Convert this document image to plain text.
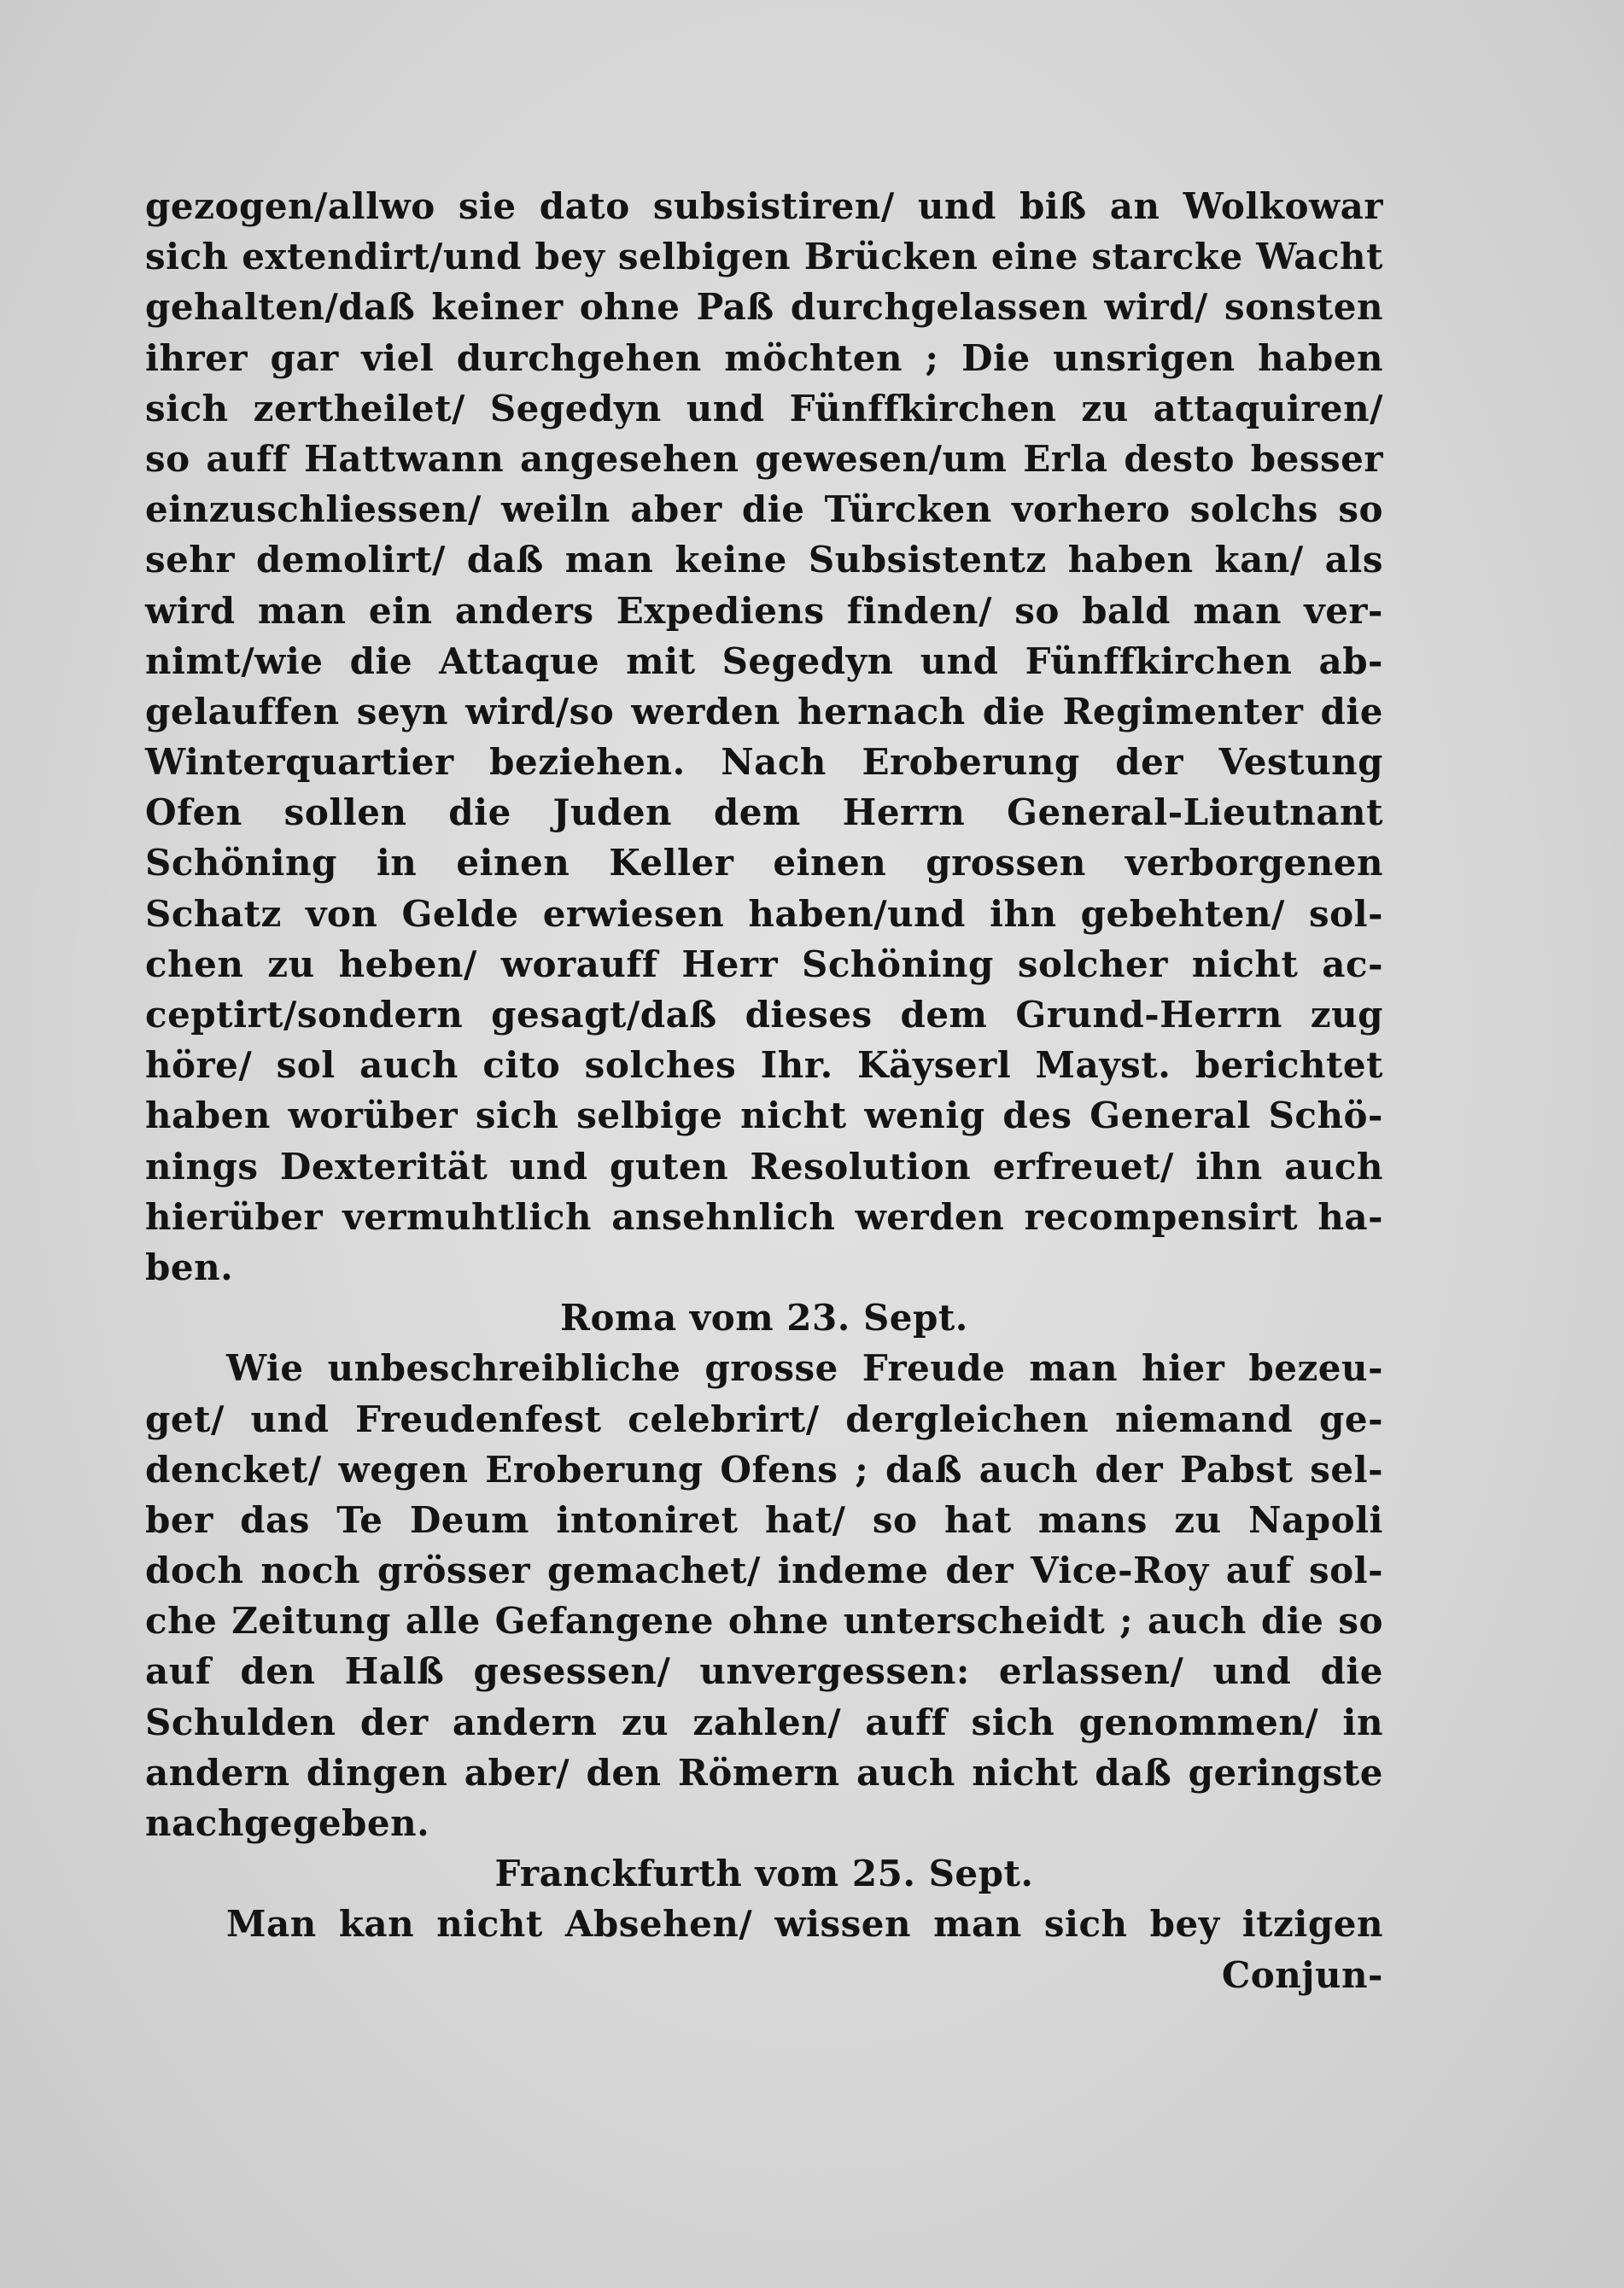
gezogen/allwo sie dato subsistiren/ und biß an Wolkowar
sich extendirt/und bey selbigen Brücken eine starcke Wacht
gehalten/daß keiner ohne Paß durchgelassen wird/ sonsten
ihrer gar viel durchgehen möchten ; Die unsrigen haben
sich zertheilet/ Segedyn und Fünffkirchen zu attaquiren/
so auff Hattwann angesehen gewesen/um Erla desto besser
einzuschliessen/ weiln aber die Türcken vorhero solchs so
sehr demolirt/ daß man keine Subsistentz haben kan/ als
wird man ein anders Expediens finden/ so bald man ver-
nimt/wie die Attaque mit Segedyn und Fünffkirchen ab-
gelauffen seyn wird/so werden hernach die Regimenter die
Winterquartier beziehen. Nach Eroberung der Vestung
Ofen sollen die Juden dem Herrn General-Lieutnant
Schöning in einen Keller einen grossen verborgenen
Schatz von Gelde erwiesen haben/und ihn gebehten/ sol-
chen zu heben/ worauff Herr Schöning solcher nicht ac-
ceptirt/sondern gesagt/daß dieses dem Grund-Herrn zug
höre/ sol auch cito solches Ihr. Käyserl Mayst. berichtet
haben worüber sich selbige nicht wenig des General Schö-
nings Dexterität und guten Resolution erfreuet/ ihn auch
hierüber vermuhtlich ansehnlich werden recompensirt ha-
ben.
Roma vom 23. Sept.
Wie unbeschreibliche grosse Freude man hier bezeu-
get/ und Freudenfest celebrirt/ dergleichen niemand ge-
dencket/ wegen Eroberung Ofens ; daß auch der Pabst sel-
ber das Te Deum intoniret hat/ so hat mans zu Napoli
doch noch grösser gemachet/ indeme der Vice-Roy auf sol-
che Zeitung alle Gefangene ohne unterscheidt ; auch die so
auf den Halß gesessen/ unvergessen: erlassen/ und die
Schulden der andern zu zahlen/ auff sich genommen/ in
andern dingen aber/ den Römern auch nicht daß geringste
nachgegeben.
Franckfurth vom 25. Sept.
Man kan nicht Absehen/ wissen man sich bey itzigen
Conjun-
